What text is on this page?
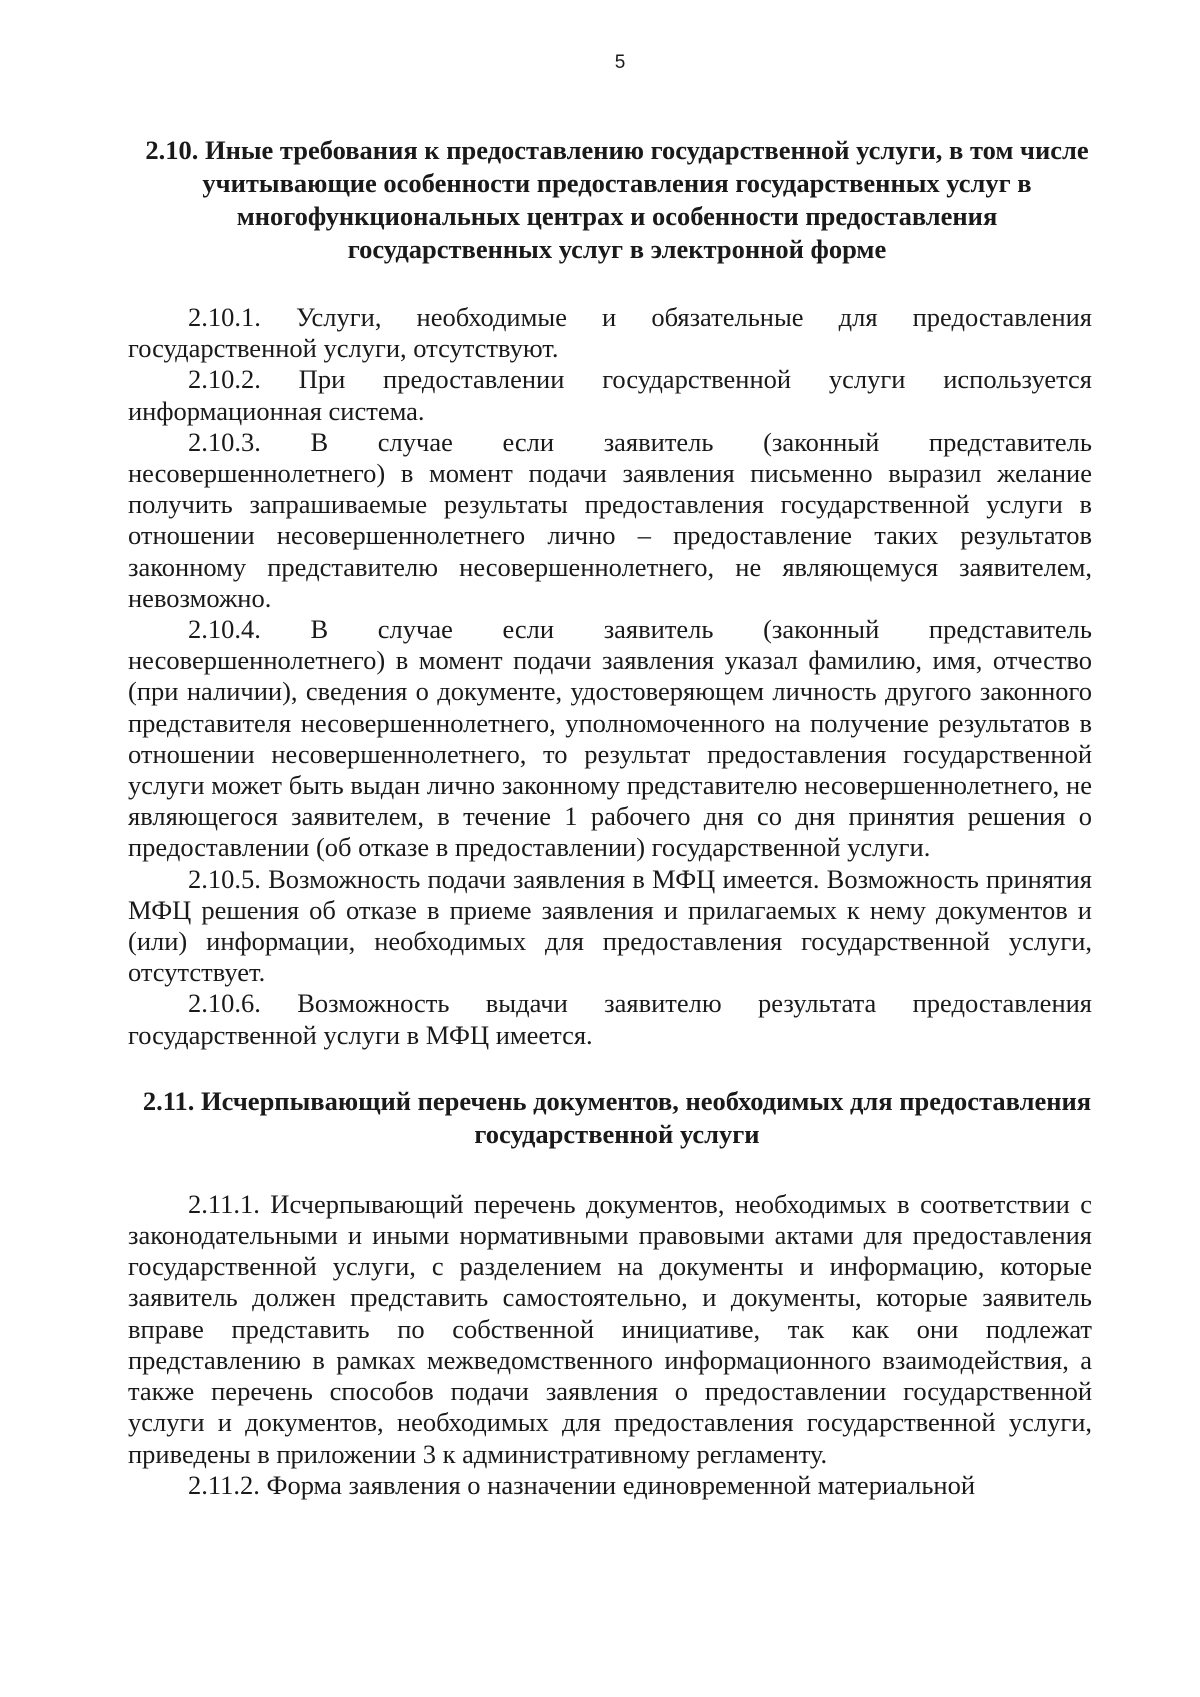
5
2.10. Иные требования к предоставлению государственной услуги, в том числе учитывающие особенности предоставления государственных услуг в многофункциональных центрах и особенности предоставления государственных услуг в электронной форме

2.10.1. Услуги, необходимые и обязательные для предоставления государственной услуги, отсутствуют.

2.10.2. При предоставлении государственной услуги используется информационная система.

2.10.3. В случае если заявитель (законный представитель несовершеннолетнего) в момент подачи заявления письменно выразил желание получить запрашиваемые результаты предоставления государственной услуги в отношении несовершеннолетнего лично – предоставление таких результатов законному представителю несовершеннолетнего, не являющемуся заявителем, невозможно.

2.10.4. В случае если заявитель (законный представитель несовершеннолетнего) в момент подачи заявления указал фамилию, имя, отчество (при наличии), сведения о документе, удостоверяющем личность другого законного представителя несовершеннолетнего, уполномоченного на получение результатов в отношении несовершеннолетнего, то результат предоставления государственной услуги может быть выдан лично законному представителю несовершеннолетнего, не являющегося заявителем, в течение 1 рабочего дня со дня принятия решения о предоставлении (об отказе в предоставлении) государственной услуги.

2.10.5. Возможность подачи заявления в МФЦ имеется. Возможность принятия МФЦ решения об отказе в приеме заявления и прилагаемых к нему документов и (или) информации, необходимых для предоставления государственной услуги, отсутствует.

2.10.6. Возможность выдачи заявителю результата предоставления государственной услуги в МФЦ имеется.

2.11. Исчерпывающий перечень документов, необходимых для предоставления государственной услуги

2.11.1. Исчерпывающий перечень документов, необходимых в соответствии с законодательными и иными нормативными правовыми актами для предоставления государственной услуги, с разделением на документы и информацию, которые заявитель должен представить самостоятельно, и документы, которые заявитель вправе представить по собственной инициативе, так как они подлежат представлению в рамках межведомственного информационного взаимодействия, а также перечень способов подачи заявления о предоставлении государственной услуги и документов, необходимых для предоставления государственной услуги, приведены в приложении 3 к административному регламенту.

2.11.2. Форма заявления о назначении единовременной материальной
